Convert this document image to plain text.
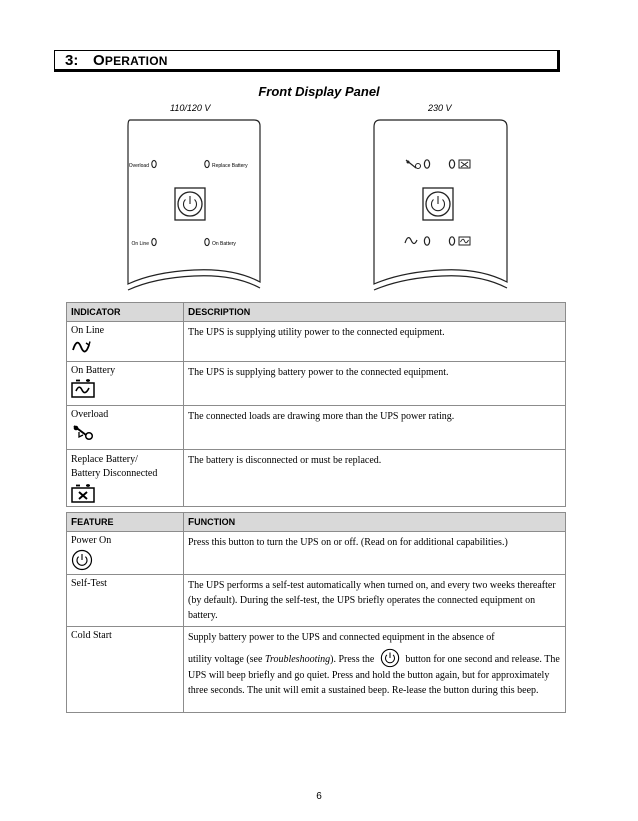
3: OPERATION
Front Display Panel
110/120 V	230 V
Overload	Replace Battery
On Line	On Battery
INDICATOR	DESCRIPTION
On Line	The UPS is supplying utility power to the connected equipment.
On Battery	The UPS is supplying battery power to the connected equipment.
Overload	The connected loads are drawing more than the UPS power rating.
Replace Battery/
Battery Disconnected	The battery is disconnected or must be replaced.
FEATURE	FUNCTION
Power On	Press this button to turn the UPS on or off. (Read on for additional capabilities.)
Self-Test	The UPS performs a self-test automatically when turned on, and every two weeks thereafter (by default). During the self-test, the UPS briefly operates the connected equipment on battery.
Cold Start	Supply battery power to the UPS and connected equipment in the absence of
utility voltage (see Troubleshooting). Press the button for one second and release. The UPS will beep briefly and go quiet. Press and hold the button again, but for approximately three seconds. The unit will emit a sustained beep. Re-lease the button during this beep.
6
